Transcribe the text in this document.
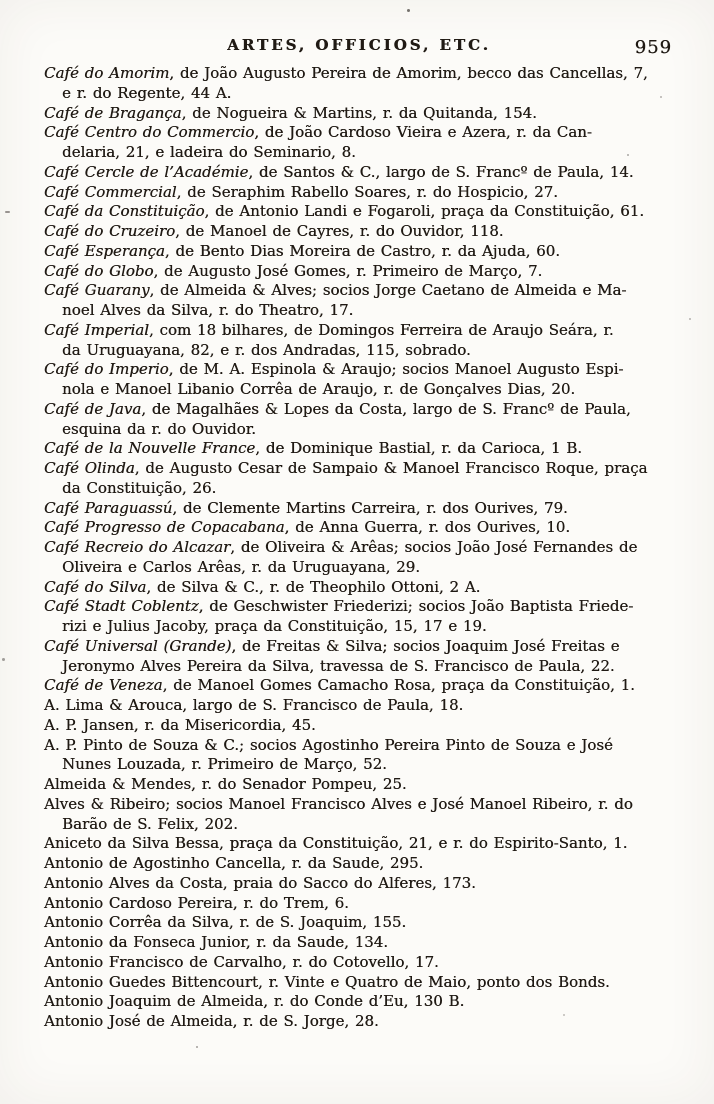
ARTES, OFFICIOS, ETC.	959
Café do Amorim, de João Augusto Pereira de Amorim, becco das Cancellas, 7,
e r. do Regente, 44 A.
Café de Bragança, de Nogueira & Martins, r. da Quitanda, 154.
Café Centro do Commercio, de João Cardoso Vieira e Azera, r. da Can-
delaria, 21, e ladeira do Seminario, 8.
Café Cercle de l’Académie, de Santos & C., largo de S. Francº de Paula, 14.
Café Commercial, de Seraphim Rabello Soares, r. do Hospicio, 27.
Café da Constituição, de Antonio Landi e Fogaroli, praça da Constituição, 61.
Café do Cruzeiro, de Manoel de Cayres, r. do Ouvidor, 118.
Café Esperança, de Bento Dias Moreira de Castro, r. da Ajuda, 60.
Café do Globo, de Augusto José Gomes, r. Primeiro de Março, 7.
Café Guarany, de Almeida & Alves; socios Jorge Caetano de Almeida e Ma-
noel Alves da Silva, r. do Theatro, 17.
Café Imperial, com 18 bilhares, de Domingos Ferreira de Araujo Seára, r.
da Uruguayana, 82, e r. dos Andradas, 115, sobrado.
Café do Imperio, de M. A. Espinola & Araujo; socios Manoel Augusto Espi-
nola e Manoel Libanio Corrêa de Araujo, r. de Gonçalves Dias, 20.
Café de Java, de Magalhães & Lopes da Costa, largo de S. Francº de Paula,
esquina da r. do Ouvidor.
Café de la Nouvelle France, de Dominique Bastial, r. da Carioca, 1 B.
Café Olinda, de Augusto Cesar de Sampaio & Manoel Francisco Roque, praça
da Constituição, 26.
Café Paraguassú, de Clemente Martins Carreira, r. dos Ourives, 79.
Café Progresso de Copacabana, de Anna Guerra, r. dos Ourives, 10.
Café Recreio do Alcazar, de Oliveira & Arêas; socios João José Fernandes de
Oliveira e Carlos Arêas, r. da Uruguayana, 29.
Café do Silva, de Silva & C., r. de Theophilo Ottoni, 2 A.
Café Stadt Coblentz, de Geschwister Friederizi; socios João Baptista Friede-
rizi e Julius Jacoby, praça da Constituição, 15, 17 e 19.
Café Universal (Grande), de Freitas & Silva; socios Joaquim José Freitas e
Jeronymo Alves Pereira da Silva, travessa de S. Francisco de Paula, 22.
Café de Veneza, de Manoel Gomes Camacho Rosa, praça da Constituição, 1.
A. Lima & Arouca, largo de S. Francisco de Paula, 18.
A. P. Jansen, r. da Misericordia, 45.
A. P. Pinto de Souza & C.; socios Agostinho Pereira Pinto de Souza e José
Nunes Louzada, r. Primeiro de Março, 52.
Almeida & Mendes, r. do Senador Pompeu, 25.
Alves & Ribeiro; socios Manoel Francisco Alves e José Manoel Ribeiro, r. do
Barão de S. Felix, 202.
Aniceto da Silva Bessa, praça da Constituição, 21, e r. do Espirito-Santo, 1.
Antonio de Agostinho Cancella, r. da Saude, 295.
Antonio Alves da Costa, praia do Sacco do Alferes, 173.
Antonio Cardoso Pereira, r. do Trem, 6.
Antonio Corrêa da Silva, r. de S. Joaquim, 155.
Antonio da Fonseca Junior, r. da Saude, 134.
Antonio Francisco de Carvalho, r. do Cotovello, 17.
Antonio Guedes Bittencourt, r. Vinte e Quatro de Maio, ponto dos Bonds.
Antonio Joaquim de Almeida, r. do Conde d’Eu, 130 B.
Antonio José de Almeida, r. de S. Jorge, 28.
